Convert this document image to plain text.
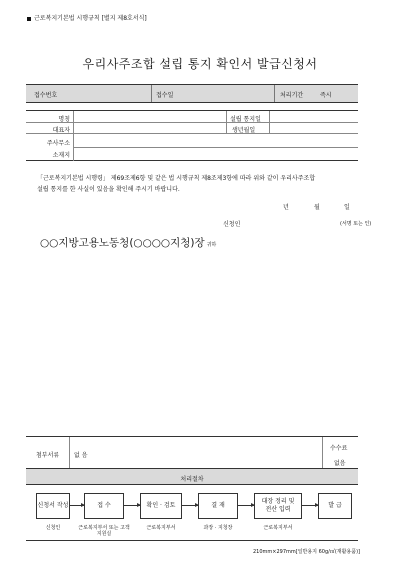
근로복지기본법 시행규칙 [별지 제8호서식]
우리사주조합 설립 통지 확인서 발급신청서
접수번호	접수일	처리기간	즉시
명칭	설립 통지일
대표자	생년월일
주사무소
소재지
「근로복지기본법 시행령」 제69조제6항 및 같은 법 시행규칙 제8조제3항에 따라 위와 같이 우리사주조합
설립 통지를 한 사실이 있음을 확인해 주시기 바랍니다.
년	월	일
신청인	(서명 또는 인)
○○지방고용노동청(○○○○지청)장 귀하
첨부서류 없 음
수수료
없음
처리절차
신청서 작성	접 수	확인 · 검토	결 재
대장 정리 및 전산 입력
발 급
신청인	근로복지부서 또는 고객지원실
근로복지부서	과장 · 지청장	근로복지부서
210mm×297mm[일반용지 60g/㎡(재활용품)]
